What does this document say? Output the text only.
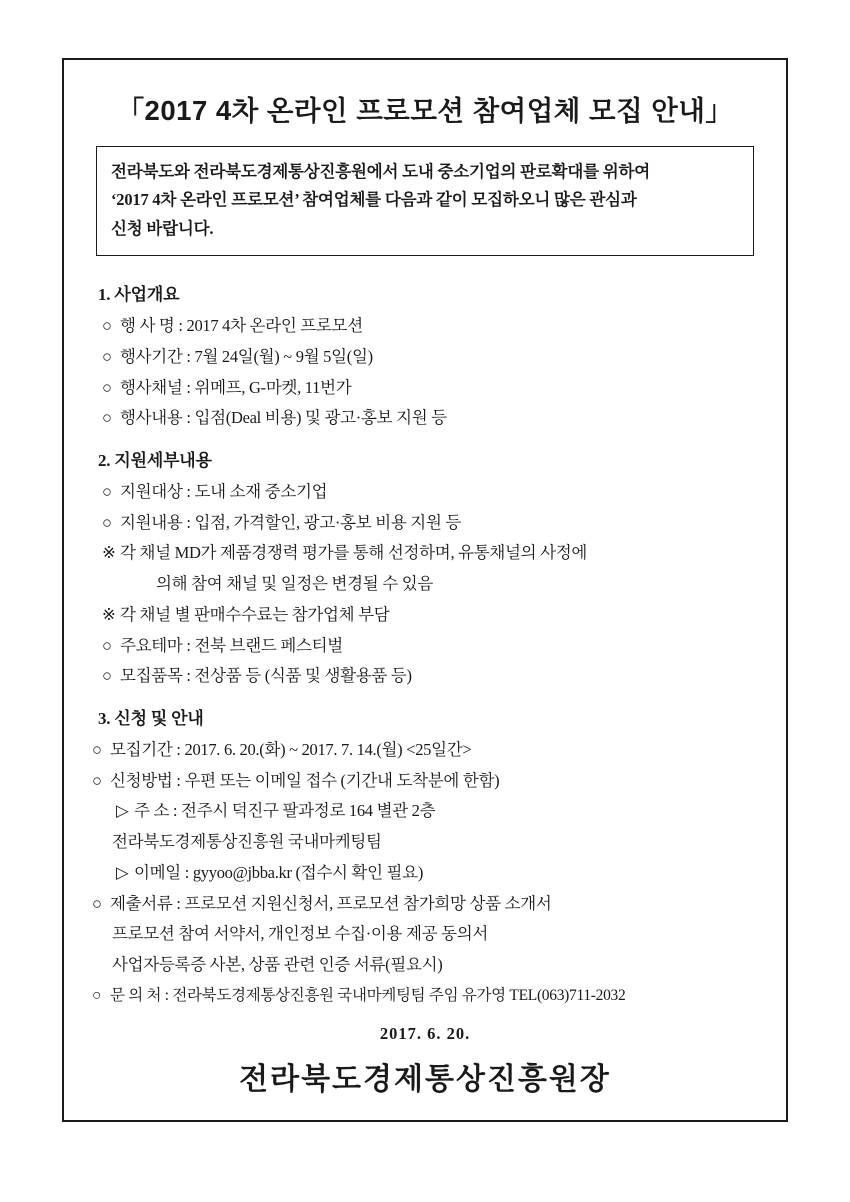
「2017 4차 온라인 프로모션 참여업체 모집 안내」
전라북도와 전라북도경제통상진흥원에서 도내 중소기업의 판로확대를 위하여
‘2017 4차 온라인 프로모션’ 참여업체를 다음과 같이 모집하오니 많은 관심과
신청 바랍니다.
1. 사업개요
○ 행 사 명 : 2017 4차 온라인 프로모션
○ 행사기간 : 7월 24일(월) ~ 9월 5일(일)
○ 행사채널 : 위메프, G-마켓, 11번가
○ 행사내용 : 입점(Deal 비용) 및 광고·홍보 지원 등
2. 지원세부내용
○ 지원대상 : 도내 소재 중소기업
○ 지원내용 : 입점, 가격할인, 광고·홍보 비용 지원 등
※ 각 채널 MD가 제품경쟁력 평가를 통해 선정하며, 유통채널의 사정에
의해 참여 채널 및 일정은 변경될 수 있음
※ 각 채널 별 판매수수료는 참가업체 부담
○ 주요테마 : 전북 브랜드 페스티벌
○ 모집품목 : 전상품 등 (식품 및 생활용품 등)
3. 신청 및 안내
○ 모집기간 : 2017. 6. 20.(화) ~ 2017. 7. 14.(월) <25일간>
○ 신청방법 : 우편 또는 이메일 접수 (기간내 도착분에 한함)
▷ 주 소 : 전주시 덕진구 팔과정로 164 별관 2층
전라북도경제통상진흥원 국내마케팅팀
▷ 이메일 : gyyoo@jbba.kr (접수시 확인 필요)
○ 제출서류 : 프로모션 지원신청서, 프로모션 참가희망 상품 소개서
프로모션 참여 서약서, 개인정보 수집·이용 제공 동의서
사업자등록증 사본, 상품 관련 인증 서류(필요시)
○ 문 의 처 : 전라북도경제통상진흥원 국내마케팅팀 주임 유가영 TEL(063)711-2032
2017. 6. 20.
전라북도경제통상진흥원장
